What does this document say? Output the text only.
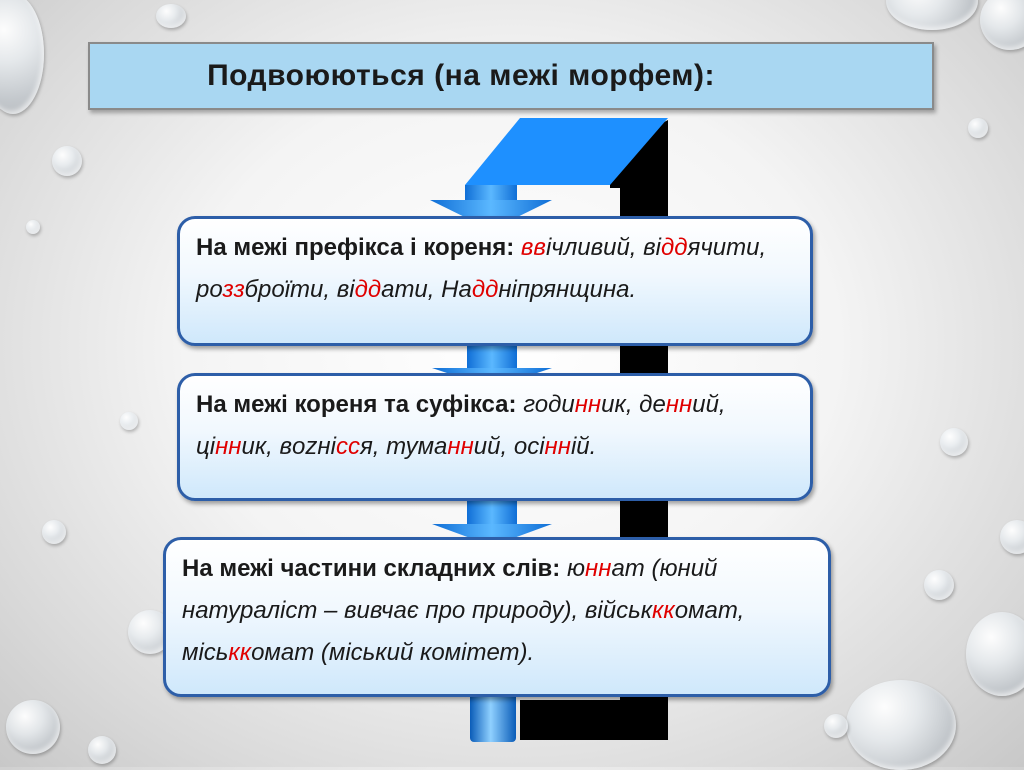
Подвоюються (на межі морфем):
На межі префікса і кореня: ввічливий, віддячити, роззброїти, віддати, Наддніпрянщина.
На межі кореня та суфікса: годинник, денний, цінник, вozнісся, туманний, осінній.
На межі частини складних слів: юннат (юний натураліст – вивчає про природу), військккомат, міськкомат (міський комітет).
